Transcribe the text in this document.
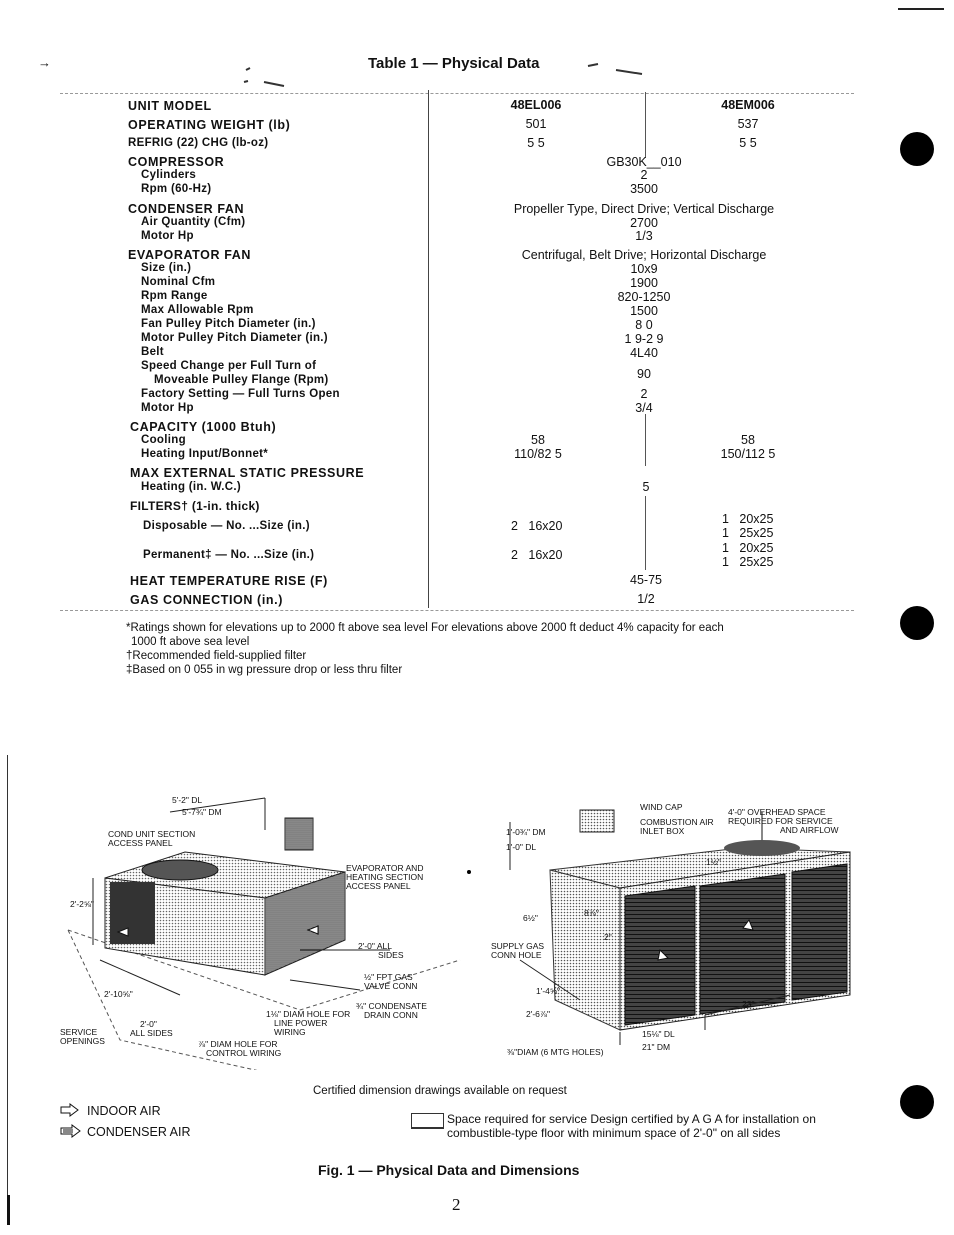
→	Table 1 — Physical Data
UNIT MODEL	48EL006	48EM006
OPERATING WEIGHT (lb)	501	537
REFRIG (22) CHG (lb-oz)	5 5	5 5
COMPRESSOR	GB30K__010
Cylinders	2
Rpm (60-Hz)	3500
CONDENSER FAN	Propeller Type, Direct Drive; Vertical Discharge
Air Quantity (Cfm)	2700
Motor Hp	1/3
EVAPORATOR FAN	Centrifugal, Belt Drive; Horizontal Discharge
Size (in.)	10x9
Nominal Cfm	1900
Rpm Range	820-1250
Max Allowable Rpm	1500
Fan Pulley Pitch Diameter (in.)	8 0
Motor Pulley Pitch Diameter (in.)	1 9-2 9
Belt	4L40
Speed Change per Full Turn of
Moveable Pulley Flange (Rpm)	90
Factory Setting — Full Turns Open	2
Motor Hp	3/4
CAPACITY (1000 Btuh)
Cooling	58	58
Heating Input/Bonnet*	110/82 5	150/112 5
MAX EXTERNAL STATIC PRESSURE
Heating (in. W.C.)	5
FILTERS† (1-in. thick)
Disposable — No. ...Size (in.)	2   16x20	1   20x25
1   25x25
Permanent‡ — No. ...Size (in.)	2   16x20	1   20x25
1   25x25
HEAT TEMPERATURE RISE (F)	45-75
GAS CONNECTION (in.)	1/2
*Ratings shown for elevations up to 2000 ft above sea level For elevations above 2000 ft deduct 4% capacity for each
1000 ft above sea level
†Recommended field-supplied filter
‡Based on 0 055 in wg pressure drop or less thru filter
5'-2" DL
5'-7¾" DM
COND UNIT SECTION
ACCESS PANEL
EVAPORATOR AND
HEATING SECTION
ACCESS PANEL
2'-2⅝"
2'-0" ALL
SIDES
½" FPT GAS
VALVE CONN
¾" CONDENSATE
DRAIN CONN
2'-10⅝"
1⅛" DIAM HOLE FOR
LINE POWER
WIRING
SERVICE
OPENINGS
2'-0"
ALL SIDES
⅞" DIAM HOLE FOR
CONTROL WIRING
WIND CAP
COMBUSTION AIR
INLET BOX
4'-0" OVERHEAD SPACE
REQUIRED FOR SERVICE
AND AIRFLOW
1'-0¾" DM
1'-0" DL
1½"
6½"	8⅞"
2"
SUPPLY GAS
CONN HOLE
1'-4⅝"
2'-6⅞"
⅜"DIAM (6 MTG HOLES)
15⅛" DL
21" DM
23"
Certified dimension drawings available on request
INDOOR AIR
CONDENSER AIR
Space required for service Design certified by A G A for installation on
combustible-type floor with minimum space of 2'-0" on all sides
Fig. 1 — Physical Data and Dimensions
2
